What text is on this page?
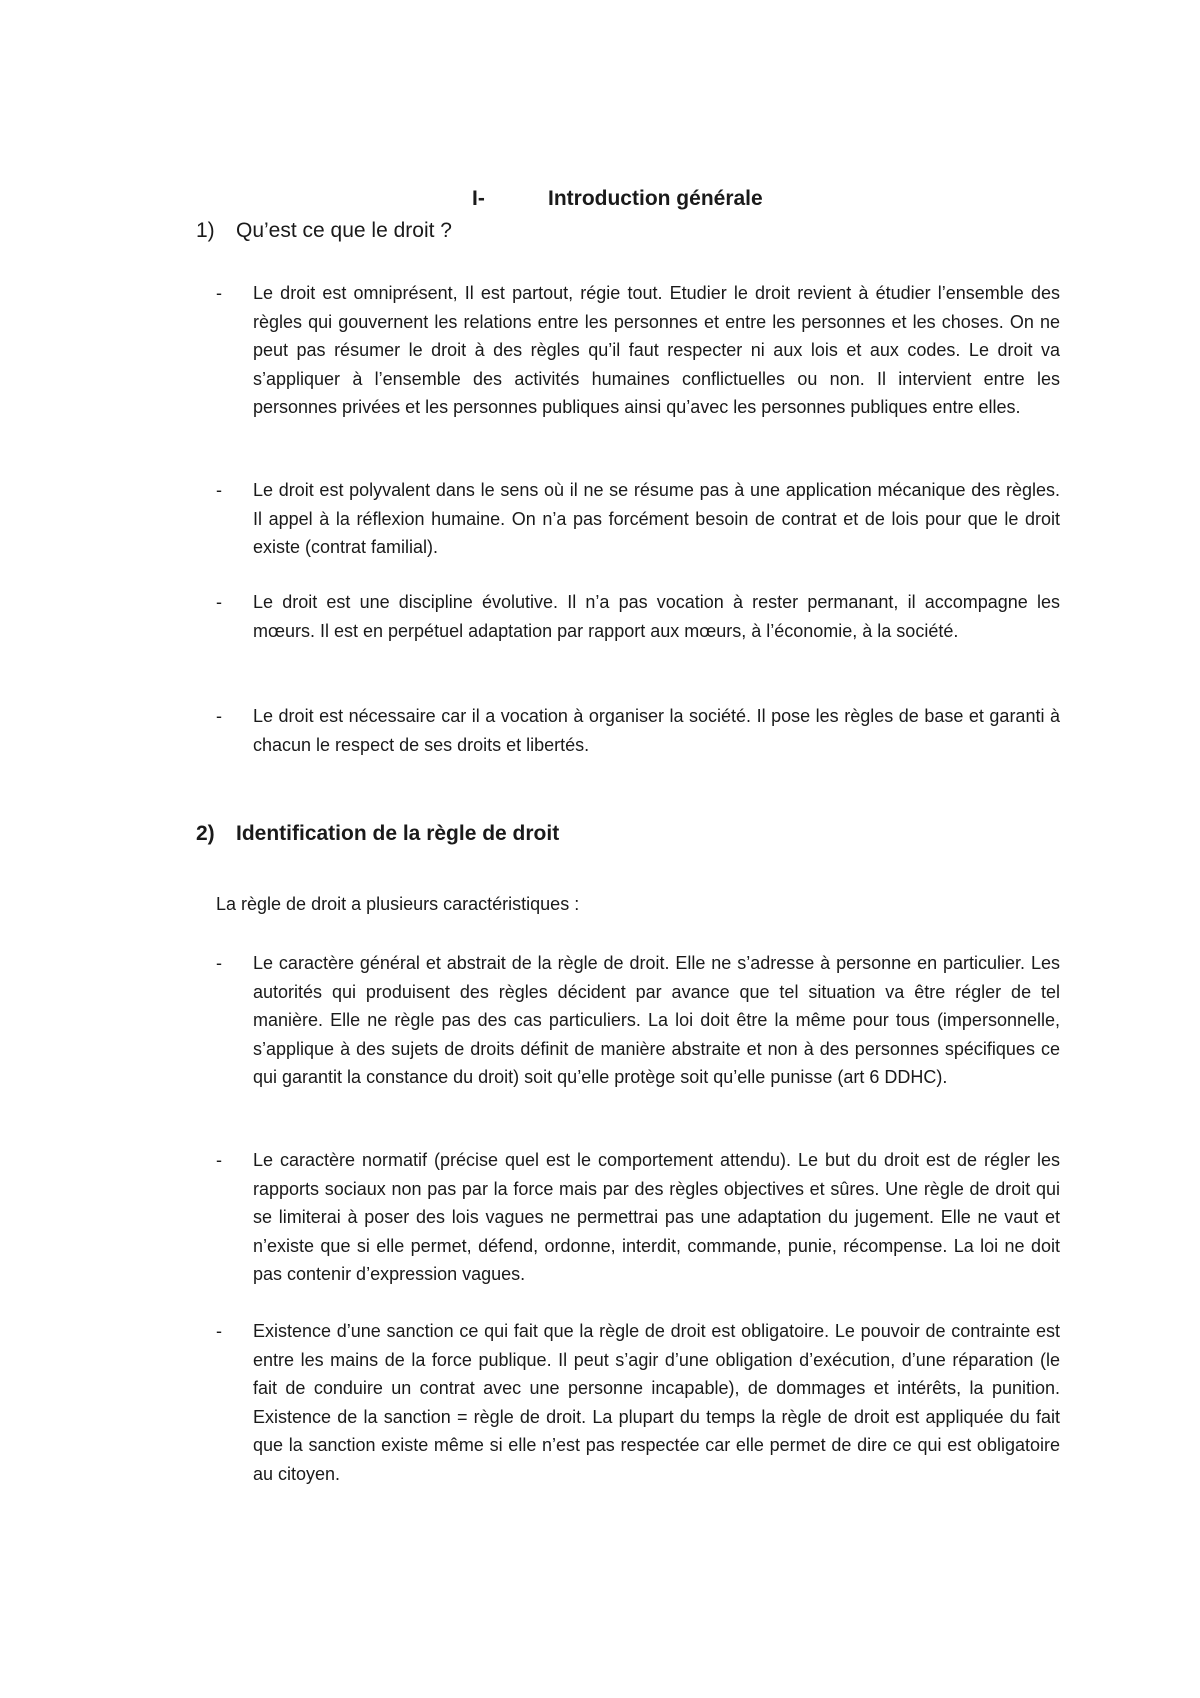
I-	Introduction générale
1) Qu’est ce que le droit ?
- Le droit est omniprésent, Il est partout, régie tout. Etudier le droit revient à étudier l’ensemble des règles qui gouvernent les relations entre les personnes et entre les personnes et les choses. On ne peut pas résumer le droit à des règles qu’il faut respecter ni aux lois et aux codes. Le droit va s’appliquer à l’ensemble des activités humaines conflictuelles ou non. Il intervient entre les personnes privées et les personnes publiques ainsi qu’avec les personnes publiques entre elles.
- Le droit est polyvalent dans le sens où il ne se résume pas à une application mécanique des règles. Il appel à la réflexion humaine. On n’a pas forcément besoin de contrat et de lois pour que le droit existe (contrat familial).
- Le droit est une discipline évolutive. Il n’a pas vocation à rester permanant, il accompagne les mœurs. Il est en perpétuel adaptation par rapport aux mœurs, à l’économie, à la société.
- Le droit est nécessaire car il a vocation à organiser la société. Il pose les règles de base et garanti à chacun le respect de ses droits et libertés.
2) Identification de la règle de droit
La règle de droit a plusieurs caractéristiques :
- Le caractère général et abstrait de la règle de droit. Elle ne s’adresse à personne en particulier. Les autorités qui produisent des règles décident par avance que tel situation va être régler de tel manière. Elle ne règle pas des cas particuliers. La loi doit être la même pour tous (impersonnelle, s’applique à des sujets de droits définit de manière abstraite et non à des personnes spécifiques ce qui garantit la constance du droit) soit qu’elle protège soit qu’elle punisse (art 6 DDHC).
- Le caractère normatif (précise quel est le comportement attendu). Le but du droit est de régler les rapports sociaux non pas par la force mais par des règles objectives et sûres. Une règle de droit qui se limiterai à poser des lois vagues ne permettrai pas une adaptation du jugement. Elle ne vaut et n’existe que si elle permet, défend, ordonne, interdit, commande, punie, récompense. La loi ne doit pas contenir d’expression vagues.
- Existence d’une sanction ce qui fait que la règle de droit est obligatoire. Le pouvoir de contrainte est entre les mains de la force publique. Il peut s’agir d’une obligation d’exécution, d’une réparation (le fait de conduire un contrat avec une personne incapable), de dommages et intérêts, la punition. Existence de la sanction = règle de droit. La plupart du temps la règle de droit est appliquée du fait que la sanction existe même si elle n’est pas respectée car elle permet de dire ce qui est obligatoire au citoyen.
